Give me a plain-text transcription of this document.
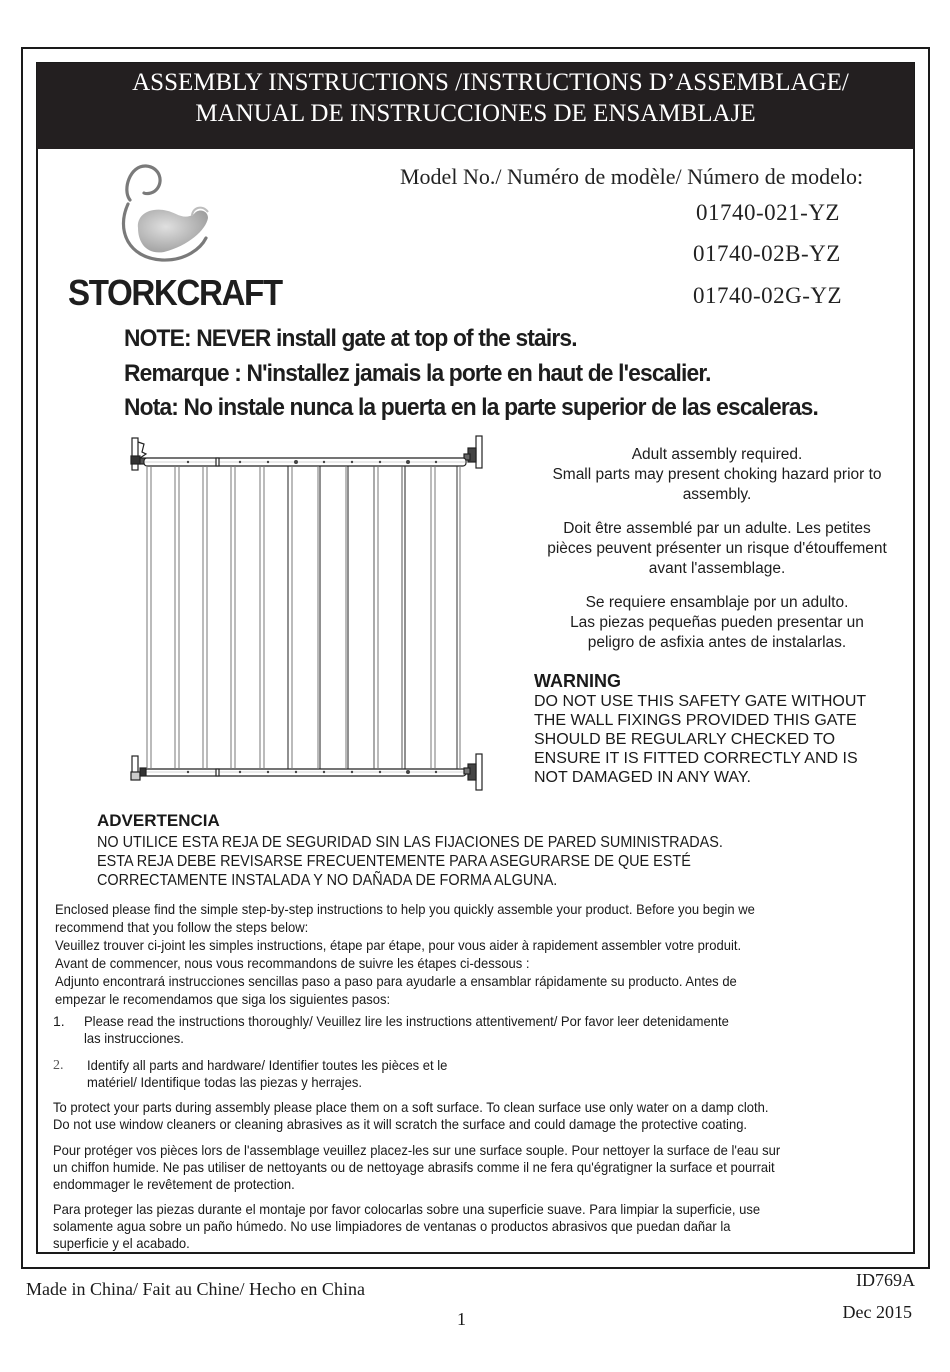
ASSEMBLY INSTRUCTIONS /INSTRUCTIONS D’ASSEMBLAGE/
MANUAL DE INSTRUCCIONES DE ENSAMBLAJE
STORKCRAFT
Model No./ Numéro de modèle/ Número de modelo:
01740-021-YZ
01740-02B-YZ
01740-02G-YZ
NOTE: NEVER install gate at top of the stairs.
Remarque : N'installez jamais la porte en haut de l'escalier.
Nota: No instale nunca la puerta en la parte superior de las escaleras.

Adult assembly required.
Small parts may present choking hazard prior to
assembly.

Doit être assemblé par un adulte. Les petites
pièces peuvent présenter un risque d'étouffement
avant l'assemblage.

Se requiere ensamblaje por un adulto.
Las piezas pequeñas pueden presentar un
peligro de asfixia antes de instalarlas.

WARNING
DO NOT USE THIS SAFETY GATE WITHOUT
THE WALL FIXINGS PROVIDED THIS GATE
SHOULD BE REGULARLY CHECKED TO
ENSURE IT IS FITTED CORRECTLY AND IS
NOT DAMAGED IN ANY WAY.
ADVERTENCIA
NO UTILICE ESTA REJA DE SEGURIDAD SIN LAS FIJACIONES DE PARED SUMINISTRADAS.
ESTA REJA DEBE REVISARSE FRECUENTEMENTE PARA ASEGURARSE DE QUE ESTÉ
CORRECTAMENTE INSTALADA Y NO DAÑADA DE FORMA ALGUNA.
Enclosed please find the simple step-by-step instructions to help you quickly assemble your product. Before you begin we
recommend that you follow the steps below:
Veuillez trouver ci-joint les simples instructions, étape par étape, pour vous aider à rapidement assembler votre produit.
Avant de commencer, nous vous recommandons de suivre les étapes ci-dessous :
Adjunto encontrará instrucciones sencillas paso a paso para ayudarle a ensamblar rápidamente su producto. Antes de
empezar le recomendamos que siga los siguientes pasos:
1. Please read the instructions thoroughly/ Veuillez lire les instructions attentivement/ Por favor leer detenidamente
las instrucciones.
2. Identify all parts and hardware/ Identifier toutes les pièces et le
matériel/ Identifique todas las piezas y herrajes.
To protect your parts during assembly please place them on a soft surface. To clean surface use only water on a damp cloth.
Do not use window cleaners or cleaning abrasives as it will scratch the surface and could damage the protective coating.
Pour protéger vos pièces lors de l'assemblage veuillez placez-les sur une surface souple. Pour nettoyer la surface de l'eau sur
un chiffon humide. Ne pas utiliser de nettoyants ou de nettoyage abrasifs comme il ne fera qu'égratigner la surface et pourrait
endommager le revêtement de protection.
Para proteger las piezas durante el montaje por favor colocarlas sobre una superficie suave. Para limpiar la superficie, use
solamente agua sobre un paño húmedo. No use limpiadores de ventanas o productos abrasivos que puedan dañar la
superficie y el acabado.
Made in China/ Fait au Chine/ Hecho en China	ID769A
Dec 2015
1
